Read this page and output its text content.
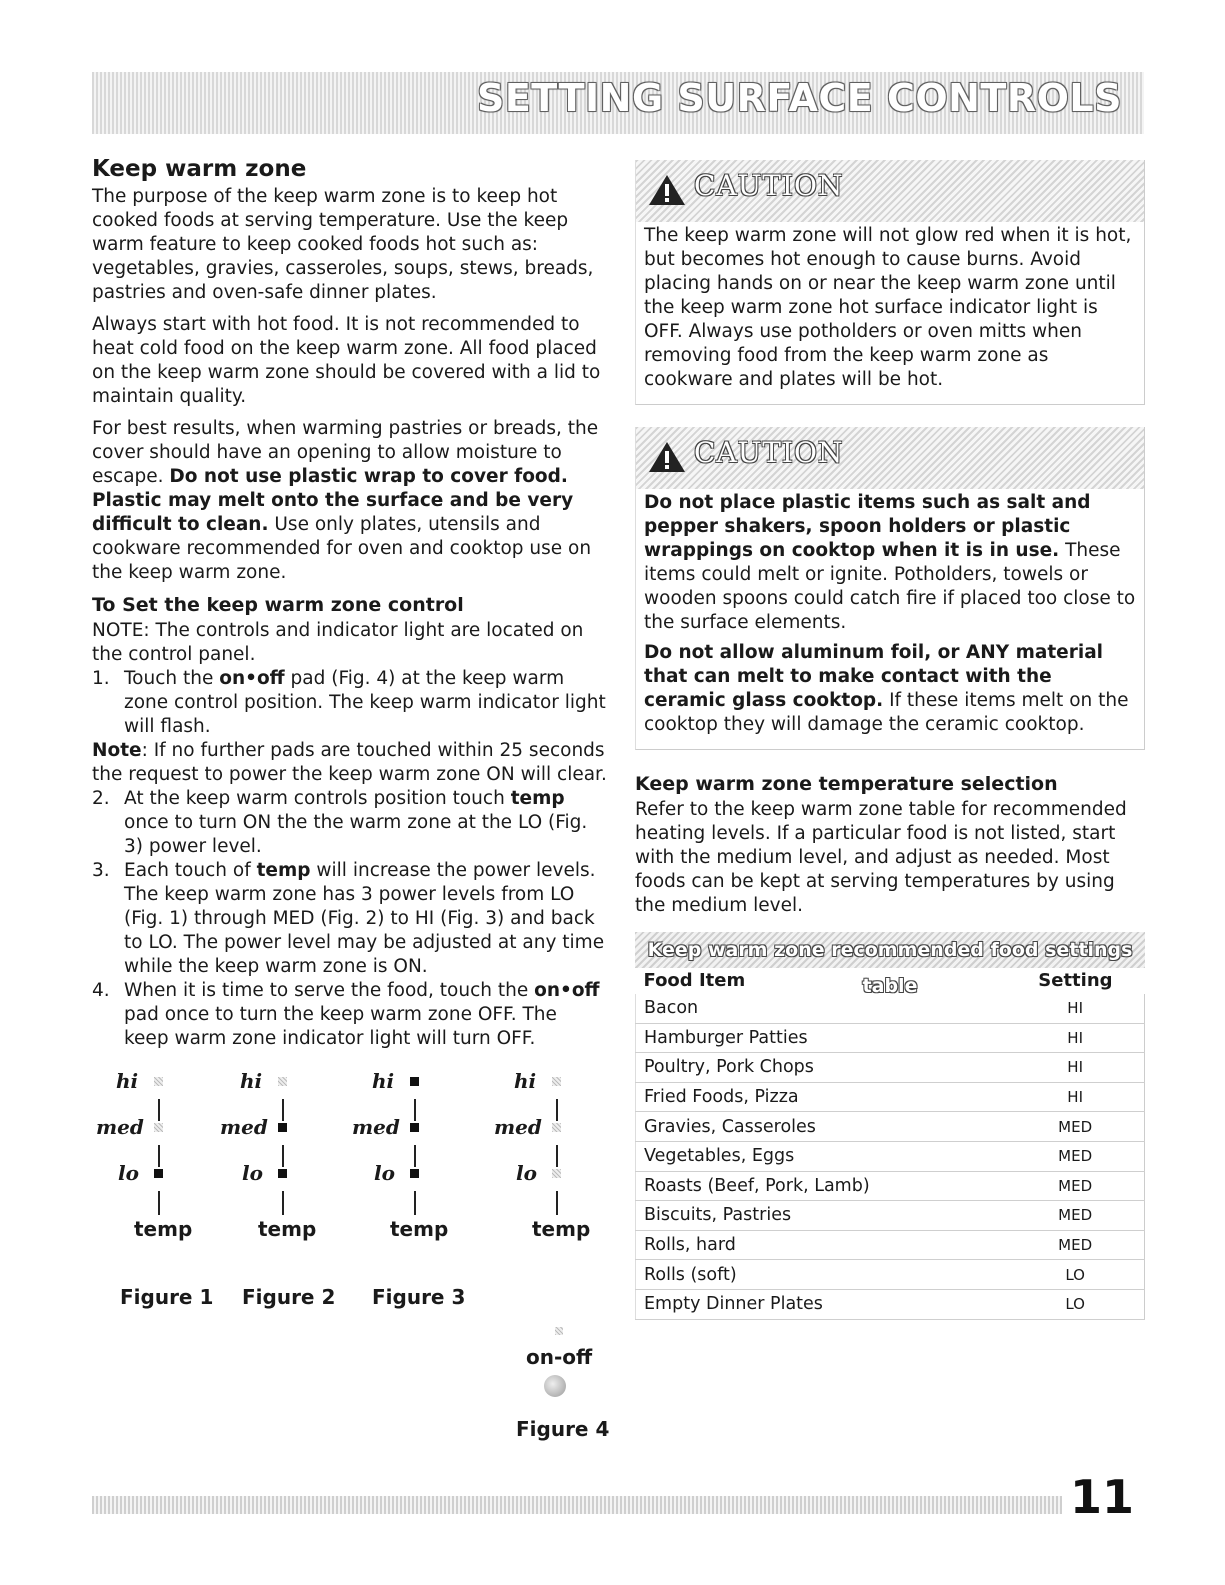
SETTING SURFACE CONTROLS
Keep warm zone

The purpose of the keep warm zone is to keep hot cooked foods at serving temperature. Use the keep warm feature to keep cooked foods hot such as: vegetables, gravies, casseroles, soups, stews, breads, pastries and oven-safe dinner plates.

Always start with hot food. It is not recommended to heat cold food on the keep warm zone. All food placed on the keep warm zone should be covered with a lid to maintain quality.

For best results, when warming pastries or breads, the cover should have an opening to allow moisture to escape. Do not use plastic wrap to cover food. Plastic may melt onto the surface and be very difficult to clean. Use only plates, utensils and cookware recommended for oven and cooktop use on the keep warm zone.

To Set the keep warm zone control
NOTE: The controls and indicator light are located on the control panel.
1. Touch the on•off pad (Fig. 4) at the keep warm zone control position. The keep warm indicator light will flash.
Note: If no further pads are touched within 25 seconds the request to power the keep warm zone ON will clear.
2. At the keep warm controls position touch temp once to turn ON the the warm zone at the LO (Fig. 3) power level.
3. Each touch of temp will increase the power levels. The keep warm zone has 3 power levels from LO (Fig. 1) through MED (Fig. 2) to HI (Fig. 3) and back to LO. The power level may be adjusted at any time while the keep warm zone is ON.
4. When it is time to serve the food, touch the on•off pad once to turn the keep warm zone OFF. The keep warm zone indicator light will turn OFF.
hi
med
lo
temp
hi
med
lo
temp
hi
med
lo
temp
hi
med
lo
temp
Figure 1 Figure 2 Figure 3
on-off
Figure 4
CAUTION

The keep warm zone will not glow red when it is hot, but becomes hot enough to cause burns. Avoid placing hands on or near the keep warm zone until the keep warm zone hot surface indicator light is OFF. Always use potholders or oven mitts when removing food from the keep warm zone as cookware and plates will be hot.

CAUTION

Do not place plastic items such as salt and pepper shakers, spoon holders or plastic wrappings on cooktop when it is in use. These items could melt or ignite. Potholders, towels or wooden spoons could catch fire if placed too close to the surface elements.

Do not allow aluminum foil, or ANY material that can melt to make contact with the ceramic glass cooktop. If these items melt on the cooktop they will damage the ceramic cooktop.

Keep warm zone temperature selection

Refer to the keep warm zone table for recommended heating levels. If a particular food is not listed, start with the medium level, and adjust as needed. Most foods can be kept at serving temperatures by using the medium level.

Keep warm zone recommended food settings table
Food Item	Setting
Bacon	HI
Hamburger Patties	HI
Poultry, Pork Chops	HI
Fried Foods, Pizza	HI
Gravies, Casseroles	MED
Vegetables, Eggs	MED
Roasts (Beef, Pork, Lamb)	MED
Biscuits, Pastries	MED
Rolls, hard	MED
Rolls (soft)	LO
Empty Dinner Plates	LO
11
